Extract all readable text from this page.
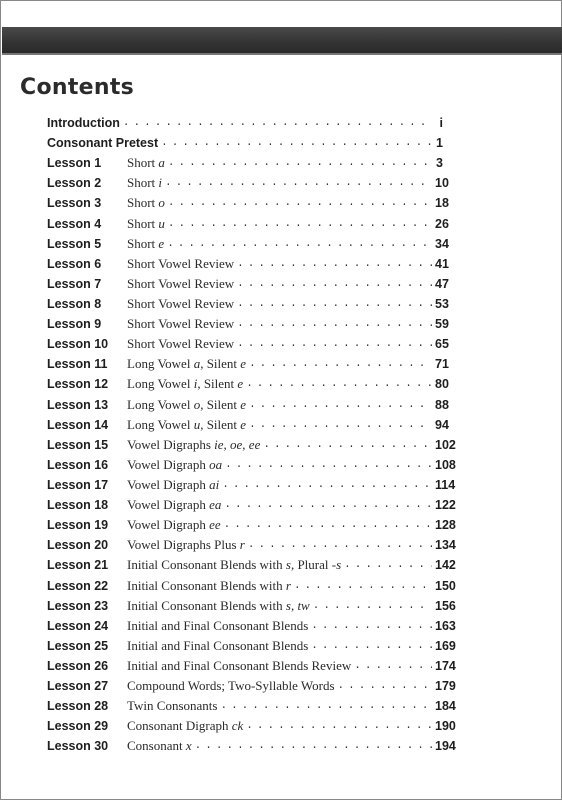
Contents
Introduction . . .	i
Consonant Pretest . . .	1
Lesson 1	Short a . . .	3
Lesson 2	Short i . . .	10
Lesson 3	Short o . . .	18
Lesson 4	Short u . . .	26
Lesson 5	Short e . . .	34
Lesson 6	Short Vowel Review . . .	41
Lesson 7	Short Vowel Review . . .	47
Lesson 8	Short Vowel Review . . .	53
Lesson 9	Short Vowel Review . . .	59
Lesson 10	Short Vowel Review . . .	65
Lesson 11	Long Vowel a, Silent e . . .	71
Lesson 12	Long Vowel i, Silent e . . .	80
Lesson 13	Long Vowel o, Silent e . . .	88
Lesson 14	Long Vowel u, Silent e . . .	94
Lesson 15	Vowel Digraphs ie, oe, ee . . .	102
Lesson 16	Vowel Digraph oa . . .	108
Lesson 17	Vowel Digraph ai . . .	114
Lesson 18	Vowel Digraph ea . . .	122
Lesson 19	Vowel Digraph ee . . .	128
Lesson 20	Vowel Digraphs Plus r . . .	134
Lesson 21	Initial Consonant Blends with s, Plural -s . . .	142
Lesson 22	Initial Consonant Blends with r . . .	150
Lesson 23	Initial Consonant Blends with s, tw . . .	156
Lesson 24	Initial and Final Consonant Blends . . .	163
Lesson 25	Initial and Final Consonant Blends . . .	169
Lesson 26	Initial and Final Consonant Blends Review . . .	174
Lesson 27	Compound Words; Two-Syllable Words . . .	179
Lesson 28	Twin Consonants . . .	184
Lesson 29	Consonant Digraph ck . . .	190
Lesson 30	Consonant x . . .	194
